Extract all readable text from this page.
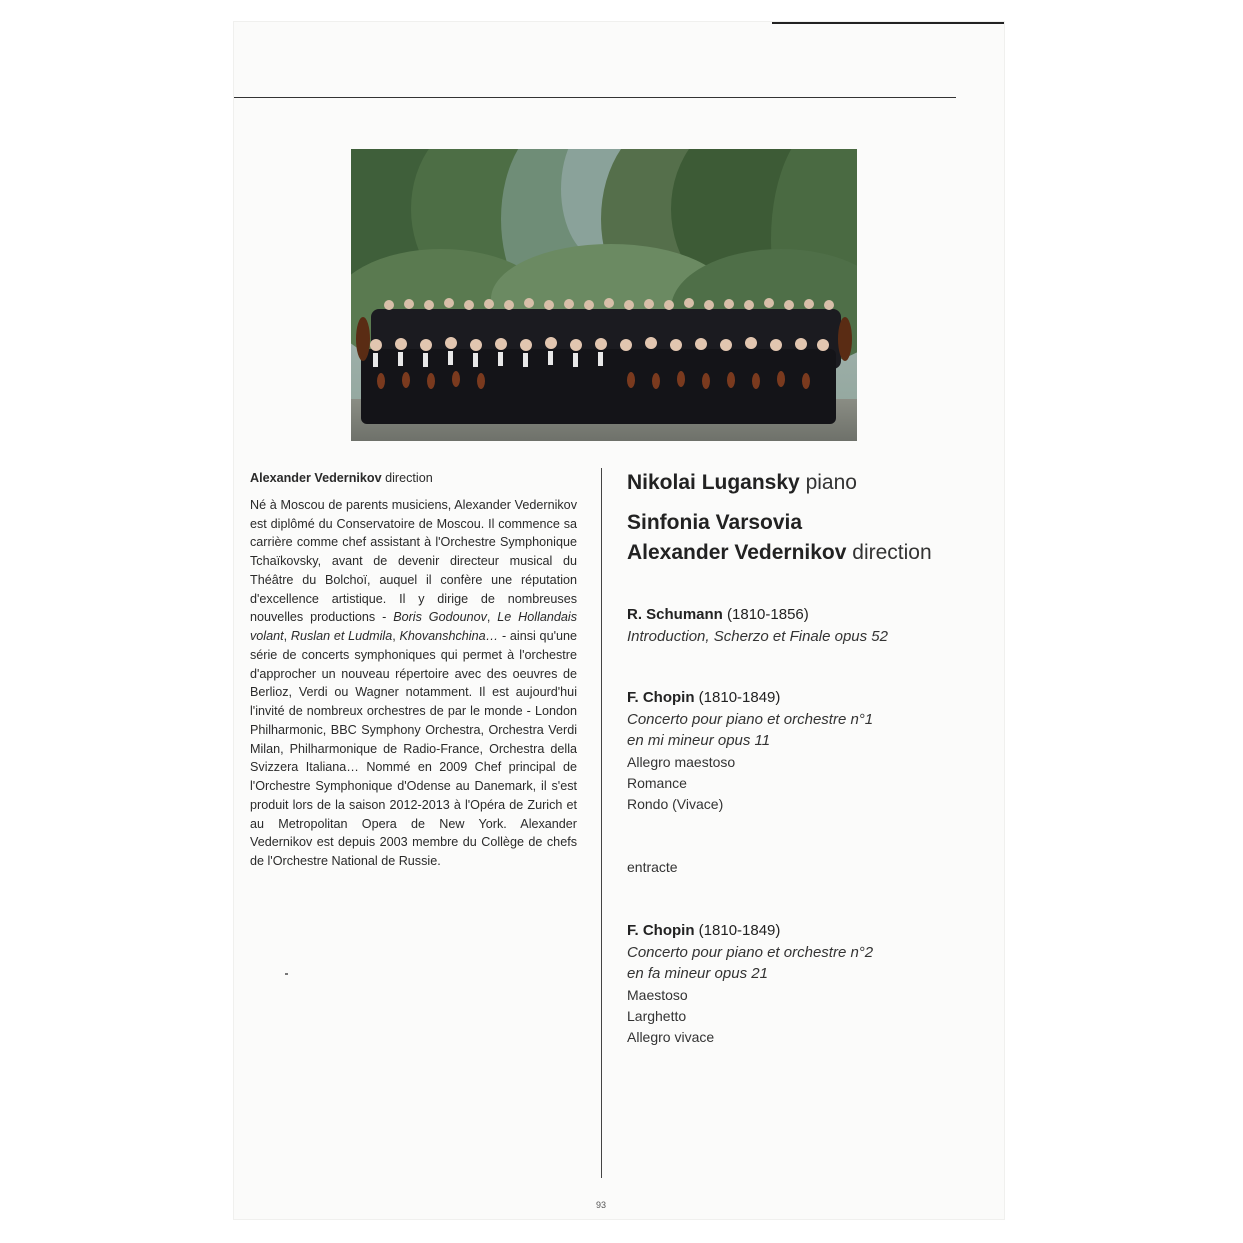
Alexander Vedernikov direction

Né à Moscou de parents musiciens, Alexander Vedernikov est diplômé du Conservatoire de Moscou. Il commence sa carrière comme chef assistant à l'Orchestre Symphonique Tchaïkovsky, avant de devenir directeur musical du Théâtre du Bolchoï, auquel il confère une réputation d'excellence artistique. Il y dirige de nombreuses nouvelles productions - Boris Godounov, Le Hollandais volant, Ruslan et Ludmila, Khovanshchina… - ainsi qu'une série de concerts symphoniques qui permet à l'orchestre d'approcher un nouveau répertoire avec des oeuvres de Berlioz, Verdi ou Wagner notamment. Il est aujourd'hui l'invité de nombreux orchestres de par le monde - London Philharmonic, BBC Symphony Orchestra, Orchestra Verdi Milan, Philharmonique de Radio-France, Orchestra della Svizzera Italiana… Nommé en 2009 Chef principal de l'Orchestre Symphonique d'Odense au Danemark, il s'est produit lors de la saison 2012-2013 à l'Opéra de Zurich et au Metropolitan Opera de New York. Alexander Vedernikov est depuis 2003 membre du Collège de chefs de l'Orchestre National de Russie.

Nikolai Lugansky piano
Sinfonia Varsovia
Alexander Vedernikov direction
R. Schumann (1810-1856)
Introduction, Scherzo et Finale opus 52
F. Chopin (1810-1849)
Concerto pour piano et orchestre n°1
en mi mineur opus 11
Allegro maestoso
Romance
Rondo (Vivace)
entracte
F. Chopin (1810-1849)
Concerto pour piano et orchestre n°2
en fa mineur opus 21
Maestoso
Larghetto
Allegro vivace
93
